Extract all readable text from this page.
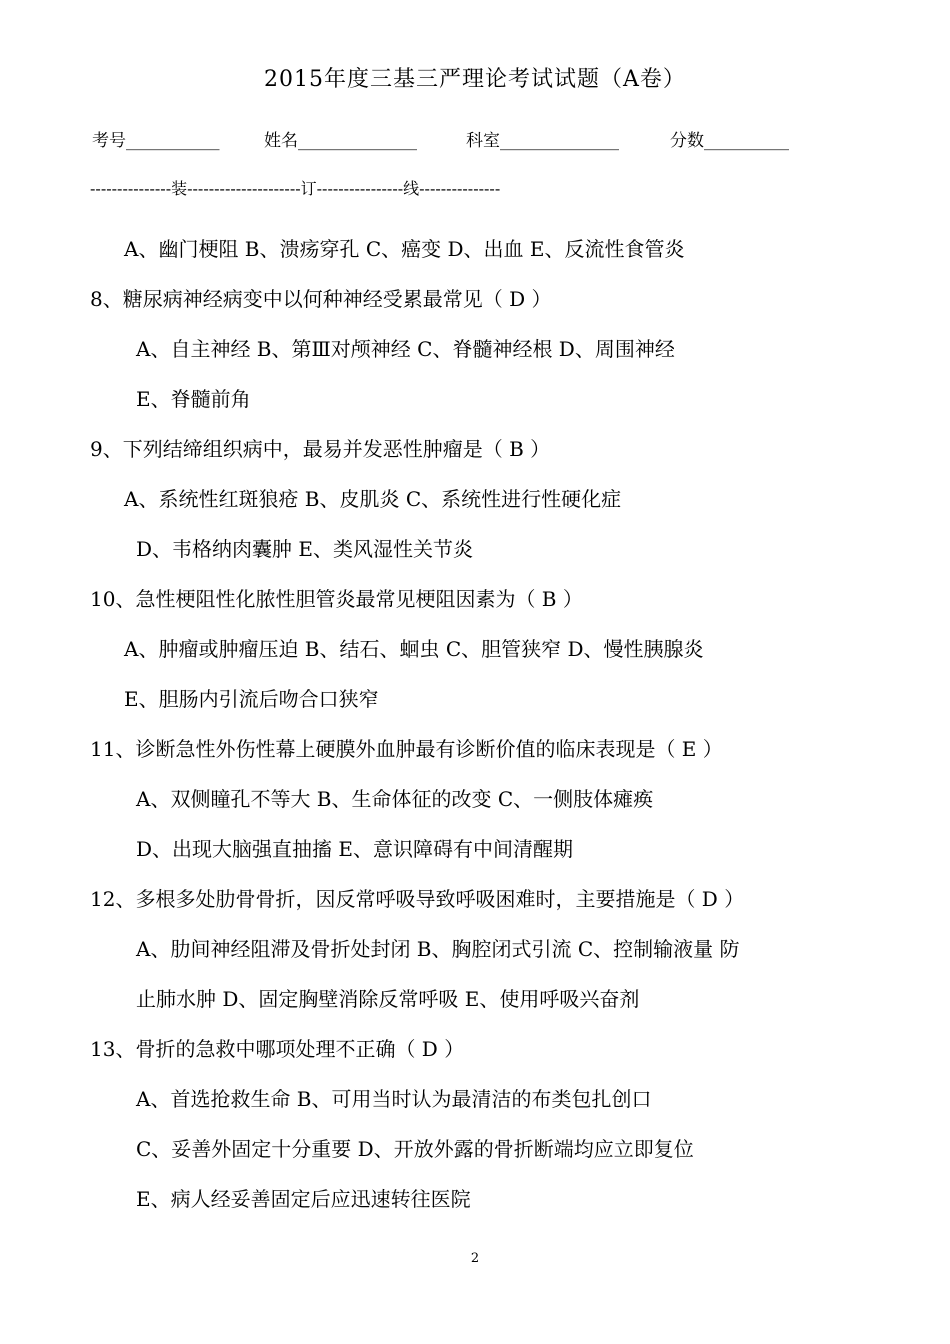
2015年度三基三严理论考试试题（A卷）
考号___________	姓名______________	科室______________	分数__________
---------------装---------------------订----------------线---------------
A、幽门梗阻 B、溃疡穿孔 C、癌变 D、出血 E、反流性食管炎
8、糖尿病神经病变中以何种神经受累最常见（ D ）
A、自主神经 B、第Ⅲ对颅神经 C、脊髓神经根 D、周围神经
E、脊髓前角
9、下列结缔组织病中，最易并发恶性肿瘤是（ B ）
A、系统性红斑狼疮 B、皮肌炎 C、系统性进行性硬化症
D、韦格纳肉囊肿 E、类风湿性关节炎
10、急性梗阻性化脓性胆管炎最常见梗阻因素为（ B ）
A、肿瘤或肿瘤压迫 B、结石、蛔虫 C、胆管狭窄 D、慢性胰腺炎
E、胆肠内引流后吻合口狭窄
11、诊断急性外伤性幕上硬膜外血肿最有诊断价值的临床表现是（ E ）
A、双侧瞳孔不等大 B、生命体征的改变 C、一侧肢体瘫痪
D、出现大脑强直抽搐 E、意识障碍有中间清醒期
12、多根多处肋骨骨折，因反常呼吸导致呼吸困难时，主要措施是（ D ）
A、肋间神经阻滞及骨折处封闭 B、胸腔闭式引流 C、控制输液量 防
止肺水肿 D、固定胸壁消除反常呼吸 E、使用呼吸兴奋剂
13、骨折的急救中哪项处理不正确（ D ）
A、首选抢救生命 B、可用当时认为最清洁的布类包扎创口
C、妥善外固定十分重要 D、开放外露的骨折断端均应立即复位
E、病人经妥善固定后应迅速转往医院
2
